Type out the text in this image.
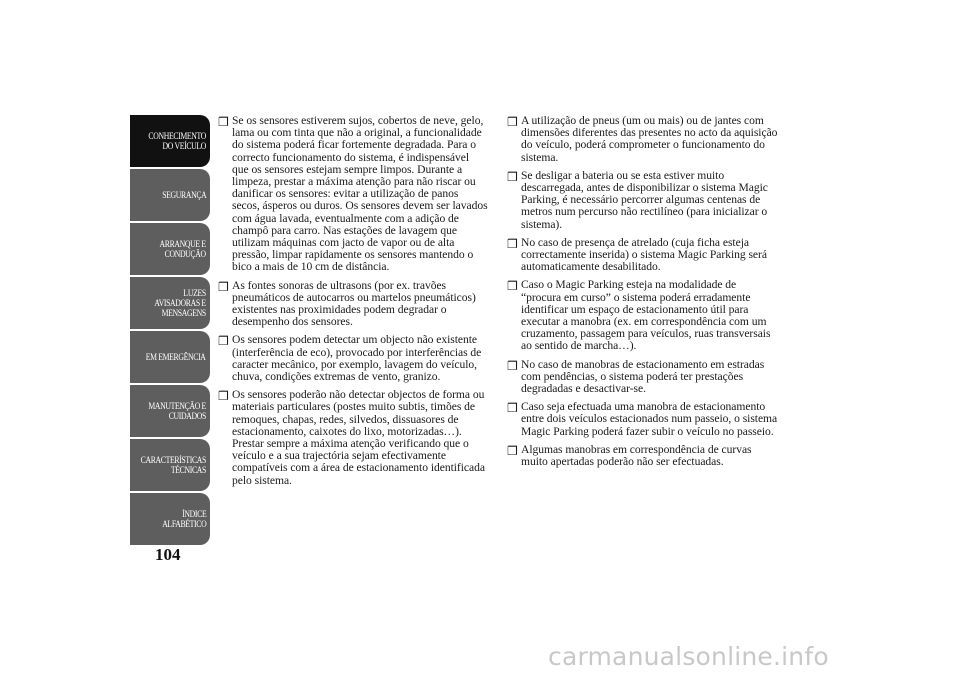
CONHECIMENTO
DO VEÍCULO
SEGURANÇA
ARRANQUE E
CONDUÇÃO
LUZES
AVISADORAS E
MENSAGENS
EM EMERGÊNCIA
MANUTENÇÃO E
CUIDADOS
CARACTERÍSTICAS
TÉCNICAS
ÍNDICE
ALFABÉTICO
104
❒ Se os sensores estiverem sujos, cobertos de neve, gelo, lama ou com tinta que não a original, a funcionalidade do sistema poderá ficar fortemente degradada. Para o correcto funcionamento do sistema, é indispensável que os sensores estejam sempre limpos. Durante a limpeza, prestar a máxima atenção para não riscar ou danificar os sensores: evitar a utilização de panos secos, ásperos ou duros. Os sensores devem ser lavados com água lavada, eventualmente com a adição de champô para carro. Nas estações de lavagem que utilizam máquinas com jacto de vapor ou de alta pressão, limpar rapidamente os sensores mantendo o bico a mais de 10 cm de distância.
❒ As fontes sonoras de ultrasons (por ex. travões pneumáticos de autocarros ou martelos pneumáticos) existentes nas proximidades podem degradar o desempenho dos sensores.
❒ Os sensores podem detectar um objecto não existente (interferência de eco), provocado por interferências de caracter mecânico, por exemplo, lavagem do veículo, chuva, condições extremas de vento, granizo.
❒ Os sensores poderão não detectar objectos de forma ou materiais particulares (postes muito subtis, timões de remoques, chapas, redes, silvedos, dissuasores de estacionamento, caixotes do lixo, motorizadas…). Prestar sempre a máxima atenção verificando que o veículo e a sua trajectória sejam efectivamente compatíveis com a área de estacionamento identificada pelo sistema.
❒ A utilização de pneus (um ou mais) ou de jantes com dimensões diferentes das presentes no acto da aquisição do veículo, poderá comprometer o funcionamento do sistema.
❒ Se desligar a bateria ou se esta estiver muito descarregada, antes de disponibilizar o sistema Magic Parking, é necessário percorrer algumas centenas de metros num percurso não rectilíneo (para inicializar o sistema).
❒ No caso de presença de atrelado (cuja ficha esteja correctamente inserida) o sistema Magic Parking será automaticamente desabilitado.
❒ Caso o Magic Parking esteja na modalidade de “procura em curso” o sistema poderá erradamente identificar um espaço de estacionamento útil para executar a manobra (ex. em correspondência com um cruzamento, passagem para veículos, ruas transversais ao sentido de marcha…).
❒ No caso de manobras de estacionamento em estradas com pendências, o sistema poderá ter prestações degradadas e desactivar-se.
❒ Caso seja efectuada uma manobra de estacionamento entre dois veículos estacionados num passeio, o sistema Magic Parking poderá fazer subir o veículo no passeio.
❒ Algumas manobras em correspondência de curvas muito apertadas poderão não ser efectuadas.
carmanualsonline.info
